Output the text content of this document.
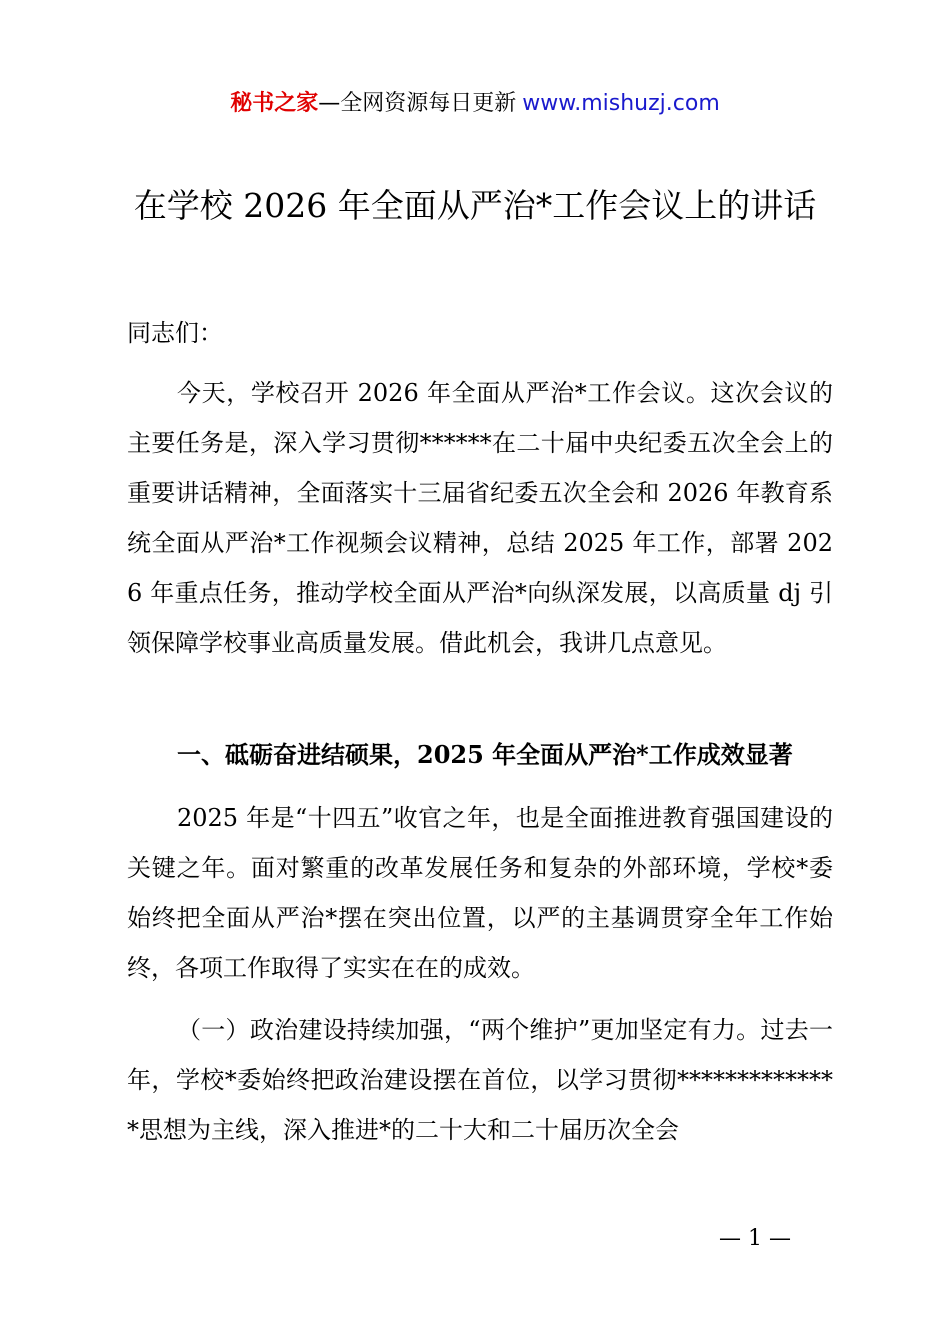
秘书之家—全网资源每日更新 www.mishuzj.com
在学校 2026 年全面从严治*工作会议上的讲话

同志们：

今天，学校召开 2026 年全面从严治*工作会议。这次会议的主要任务是，深入学习贯彻******在二十届中央纪委五次全会上的重要讲话精神，全面落实十三届省纪委五次全会和 2026 年教育系统全面从严治*工作视频会议精神，总结 2025 年工作，部署 2026 年重点任务，推动学校全面从严治*向纵深发展，以高质量 dj 引领保障学校事业高质量发展。借此机会，我讲几点意见。

一、砥砺奋进结硕果，2025 年全面从严治*工作成效显著

2025 年是“十四五”收官之年，也是全面推进教育强国建设的关键之年。面对繁重的改革发展任务和复杂的外部环境，学校*委始终把全面从严治*摆在突出位置，以严的主基调贯穿全年工作始终，各项工作取得了实实在在的成效。

（一）政治建设持续加强，“两个维护”更加坚定有力。过去一年，学校*委始终把政治建设摆在首位，以学习贯彻**************思想为主线，深入推进*的二十大和二十届历次全会

— 1 —
